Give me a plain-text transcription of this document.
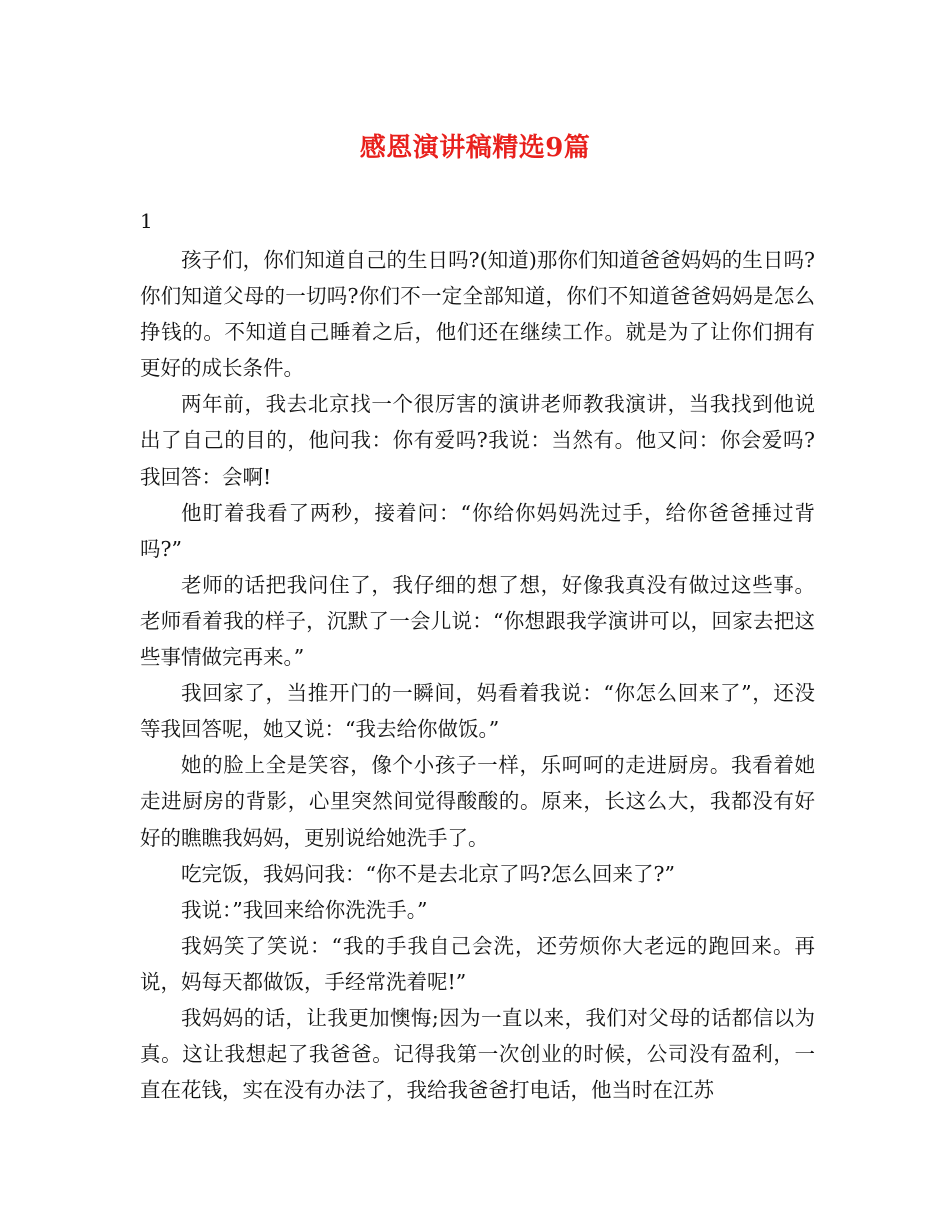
感恩演讲稿精选9篇
1

孩子们，你们知道自己的生日吗?(知道)那你们知道爸爸妈妈的生日吗?你们知道父母的一切吗?你们不一定全部知道，你们不知道爸爸妈妈是怎么挣钱的。不知道自己睡着之后，他们还在继续工作。就是为了让你们拥有更好的成长条件。

两年前，我去北京找一个很厉害的演讲老师教我演讲，当我找到他说出了自己的目的，他问我：你有爱吗?我说：当然有。他又问：你会爱吗?我回答：会啊!

他盯着我看了两秒，接着问：“你给你妈妈洗过手，给你爸爸捶过背吗?”

老师的话把我问住了，我仔细的想了想，好像我真没有做过这些事。老师看着我的样子，沉默了一会儿说：“你想跟我学演讲可以，回家去把这些事情做完再来。”

我回家了，当推开门的一瞬间，妈看着我说：“你怎么回来了”，还没等我回答呢，她又说：“我去给你做饭。”

她的脸上全是笑容，像个小孩子一样，乐呵呵的走进厨房。我看着她走进厨房的背影，心里突然间觉得酸酸的。原来，长这么大，我都没有好好的瞧瞧我妈妈，更别说给她洗手了。

吃完饭，我妈问我：“你不是去北京了吗?怎么回来了?”

我说：”我回来给你洗洗手。”

我妈笑了笑说：“我的手我自己会洗，还劳烦你大老远的跑回来。再说，妈每天都做饭，手经常洗着呢!”

我妈妈的话，让我更加懊悔;因为一直以来，我们对父母的话都信以为真。这让我想起了我爸爸。记得我第一次创业的时候，公司没有盈利，一直在花钱，实在没有办法了，我给我爸爸打电话，他当时在江苏
